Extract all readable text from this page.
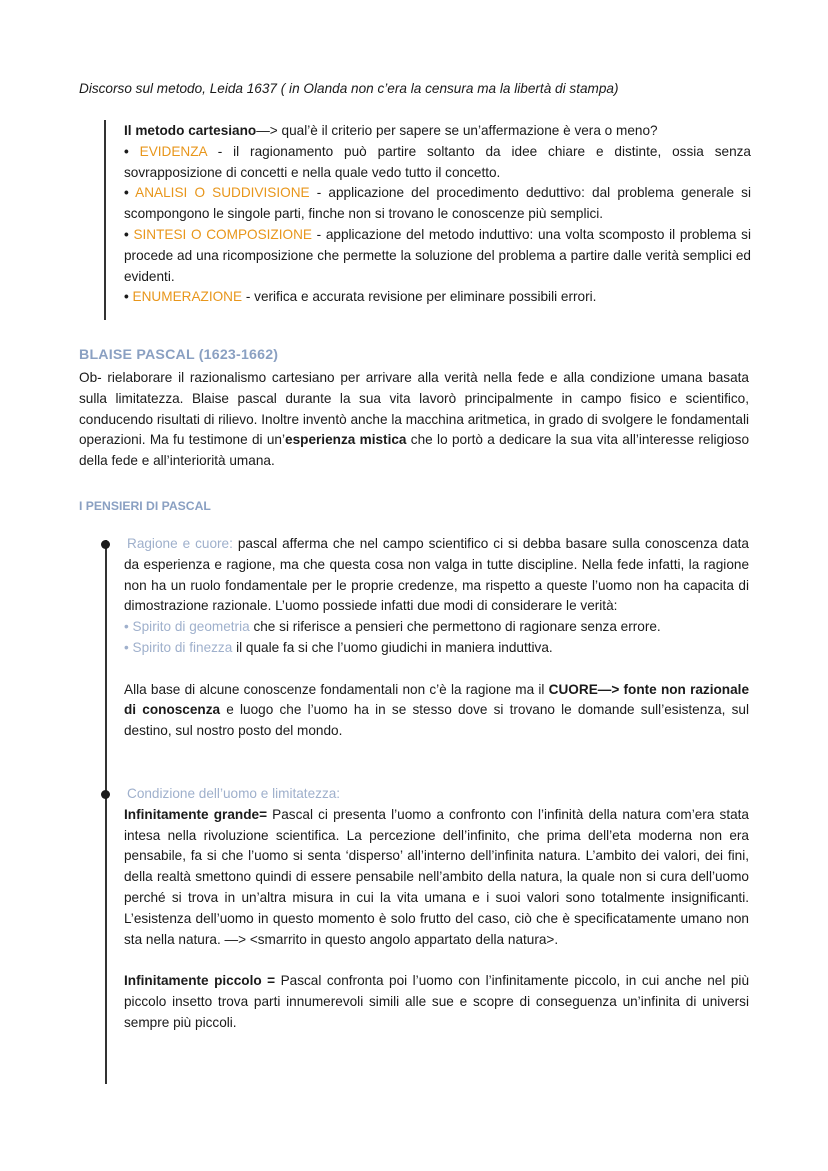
Discorso sul metodo, Leida 1637 ( in Olanda non c’era la censura ma la libertà di stampa)

Il metodo cartesiano—> qual’è il criterio per sapere se un’affermazione è vera o meno?

• EVIDENZA - il ragionamento può partire soltanto da idee chiare e distinte, ossia senza sovrapposizione di concetti e nella quale vedo tutto il concetto.

• ANALISI O SUDDIVISIONE - applicazione del procedimento deduttivo: dal problema generale si scompongono le singole parti, finche non si trovano le conoscenze più semplici.

• SINTESI O COMPOSIZIONE - applicazione del metodo induttivo: una volta scomposto il problema si procede ad una ricomposizione che permette la soluzione del problema a partire dalle verità semplici ed evidenti.

• ENUMERAZIONE - verifica e accurata revisione per eliminare possibili errori.

BLAISE PASCAL (1623-1662)

Ob- rielaborare il razionalismo cartesiano per arrivare alla verità nella fede e alla condizione umana basata sulla limitatezza. Blaise pascal durante la sua vita lavorò principalmente in campo fisico e scientifico, conducendo risultati di rilievo. Inoltre inventò anche la macchina aritmetica, in grado di svolgere le fondamentali operazioni. Ma fu testimone di un’esperienza mistica che lo portò a dedicare la sua vita all’interesse religioso della fede e all’interiorità umana.

I PENSIERI DI PASCAL

Ragione e cuore: pascal afferma che nel campo scientifico ci si debba basare sulla conoscenza data da esperienza e ragione, ma che questa cosa non valga in tutte discipline. Nella fede infatti, la ragione non ha un ruolo fondamentale per le proprie credenze, ma rispetto a queste l’uomo non ha capacita di dimostrazione razionale. L’uomo possiede infatti due modi di considerare le verità:

• Spirito di geometria che si riferisce a pensieri che permettono di ragionare senza errore.

• Spirito di finezza il quale fa si che l’uomo giudichi in maniera induttiva.

Alla base di alcune conoscenze fondamentali non c’è la ragione ma il CUORE—> fonte non razionale di conoscenza e luogo che l’uomo ha in se stesso dove si trovano le domande sull’esistenza, sul destino, sul nostro posto del mondo.

Condizione dell’uomo e limitatezza:

Infinitamente grande= Pascal ci presenta l’uomo a confronto con l’infinità della natura com’era stata intesa nella rivoluzione scientifica. La percezione dell’infinito, che prima dell’eta moderna non era pensabile, fa si che l’uomo si senta ‘disperso’ all’interno dell’infinita natura. L’ambito dei valori, dei fini, della realtà smettono quindi di essere pensabile nell’ambito della natura, la quale non si cura dell’uomo perché si trova in un’altra misura in cui la vita umana e i suoi valori sono totalmente insignificanti. L’esistenza dell’uomo in questo momento è solo frutto del caso, ciò che è specificatamente umano non sta nella natura. —> <smarrito in questo angolo appartato della natura>.

Infinitamente piccolo = Pascal confronta poi l’uomo con l’infinitamente piccolo, in cui anche nel più piccolo insetto trova parti innumerevoli simili alle sue e scopre di conseguenza un’infinita di universi sempre più piccoli.
